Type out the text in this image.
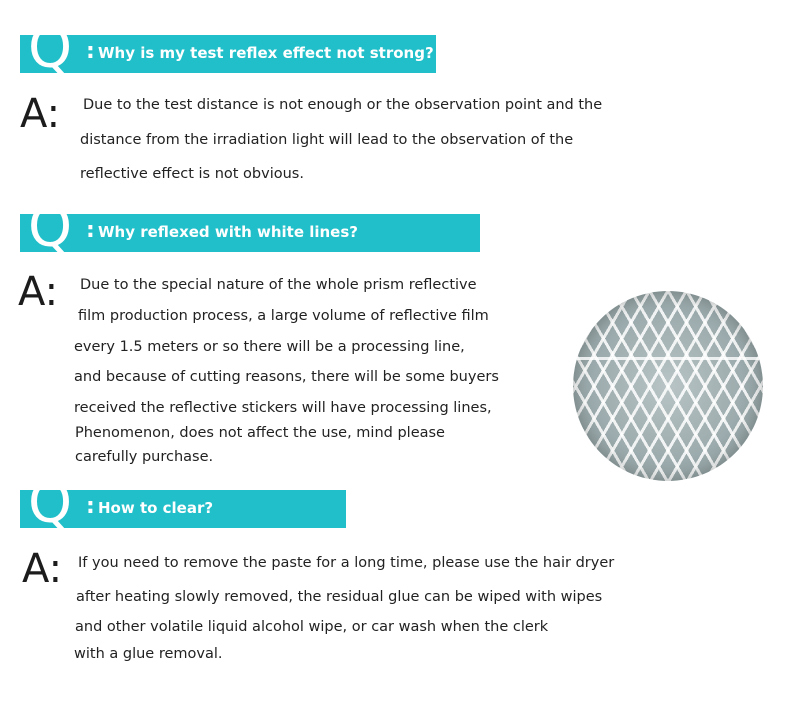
Q : Why is my test reflex effect not strong?
A: Due to the test distance is not enough or the observation point and the
distance from the irradiation light will lead to the observation of the
reflective effect is not obvious.
Q : Why reflexed with white lines?
A: Due to the special nature of the whole prism reflective
film production process, a large volume of reflective film
every 1.5 meters or so there will be a processing line,
and because of cutting reasons, there will be some buyers
received the reflective stickers will have processing lines,
Phenomenon, does not affect the use, mind please
carefully purchase.
Q : How to clear?
A: If you need to remove the paste for a long time, please use the hair dryer
after heating slowly removed, the residual glue can be wiped with wipes
and other volatile liquid alcohol wipe, or car wash when the clerk
with a glue removal.
